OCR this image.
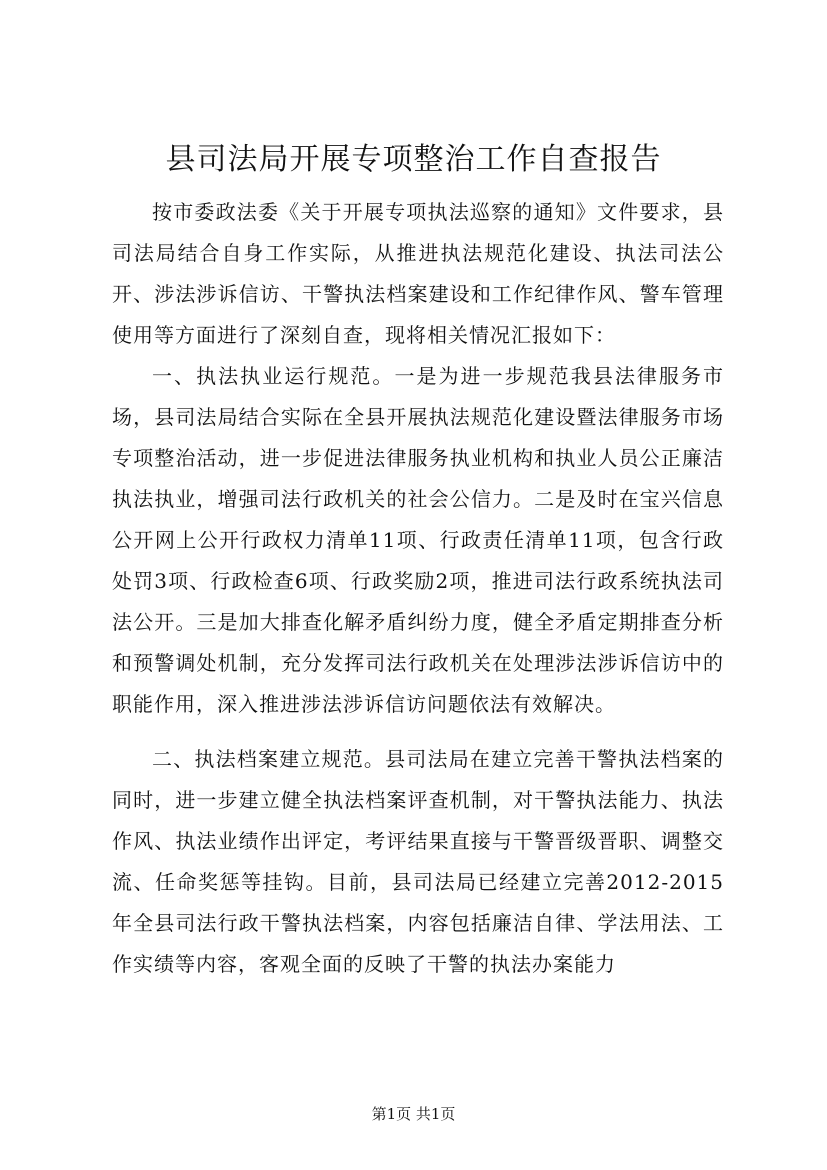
县司法局开展专项整治工作自查报告

按市委政法委《关于开展专项执法巡察的通知》文件要求，县司法局结合自身工作实际，从推进执法规范化建设、执法司法公开、涉法涉诉信访、干警执法档案建设和工作纪律作风、警车管理使用等方面进行了深刻自查，现将相关情况汇报如下：

一、执法执业运行规范。一是为进一步规范我县法律服务市场，县司法局结合实际在全县开展执法规范化建设暨法律服务市场专项整治活动，进一步促进法律服务执业机构和执业人员公正廉洁执法执业，增强司法行政机关的社会公信力。二是及时在宝兴信息公开网上公开行政权力清单11项、行政责任清单11项，包含行政处罚3项、行政检查6项、行政奖励2项，推进司法行政系统执法司法公开。三是加大排查化解矛盾纠纷力度，健全矛盾定期排查分析和预警调处机制，充分发挥司法行政机关在处理涉法涉诉信访中的职能作用，深入推进涉法涉诉信访问题依法有效解决。

二、执法档案建立规范。县司法局在建立完善干警执法档案的同时，进一步建立健全执法档案评查机制，对干警执法能力、执法作风、执法业绩作出评定，考评结果直接与干警晋级晋职、调整交流、任命奖惩等挂钩。目前，县司法局已经建立完善2012-2015年全县司法行政干警执法档案，内容包括廉洁自律、学法用法、工作实绩等内容，客观全面的反映了干警的执法办案能力

第1页 共1页
